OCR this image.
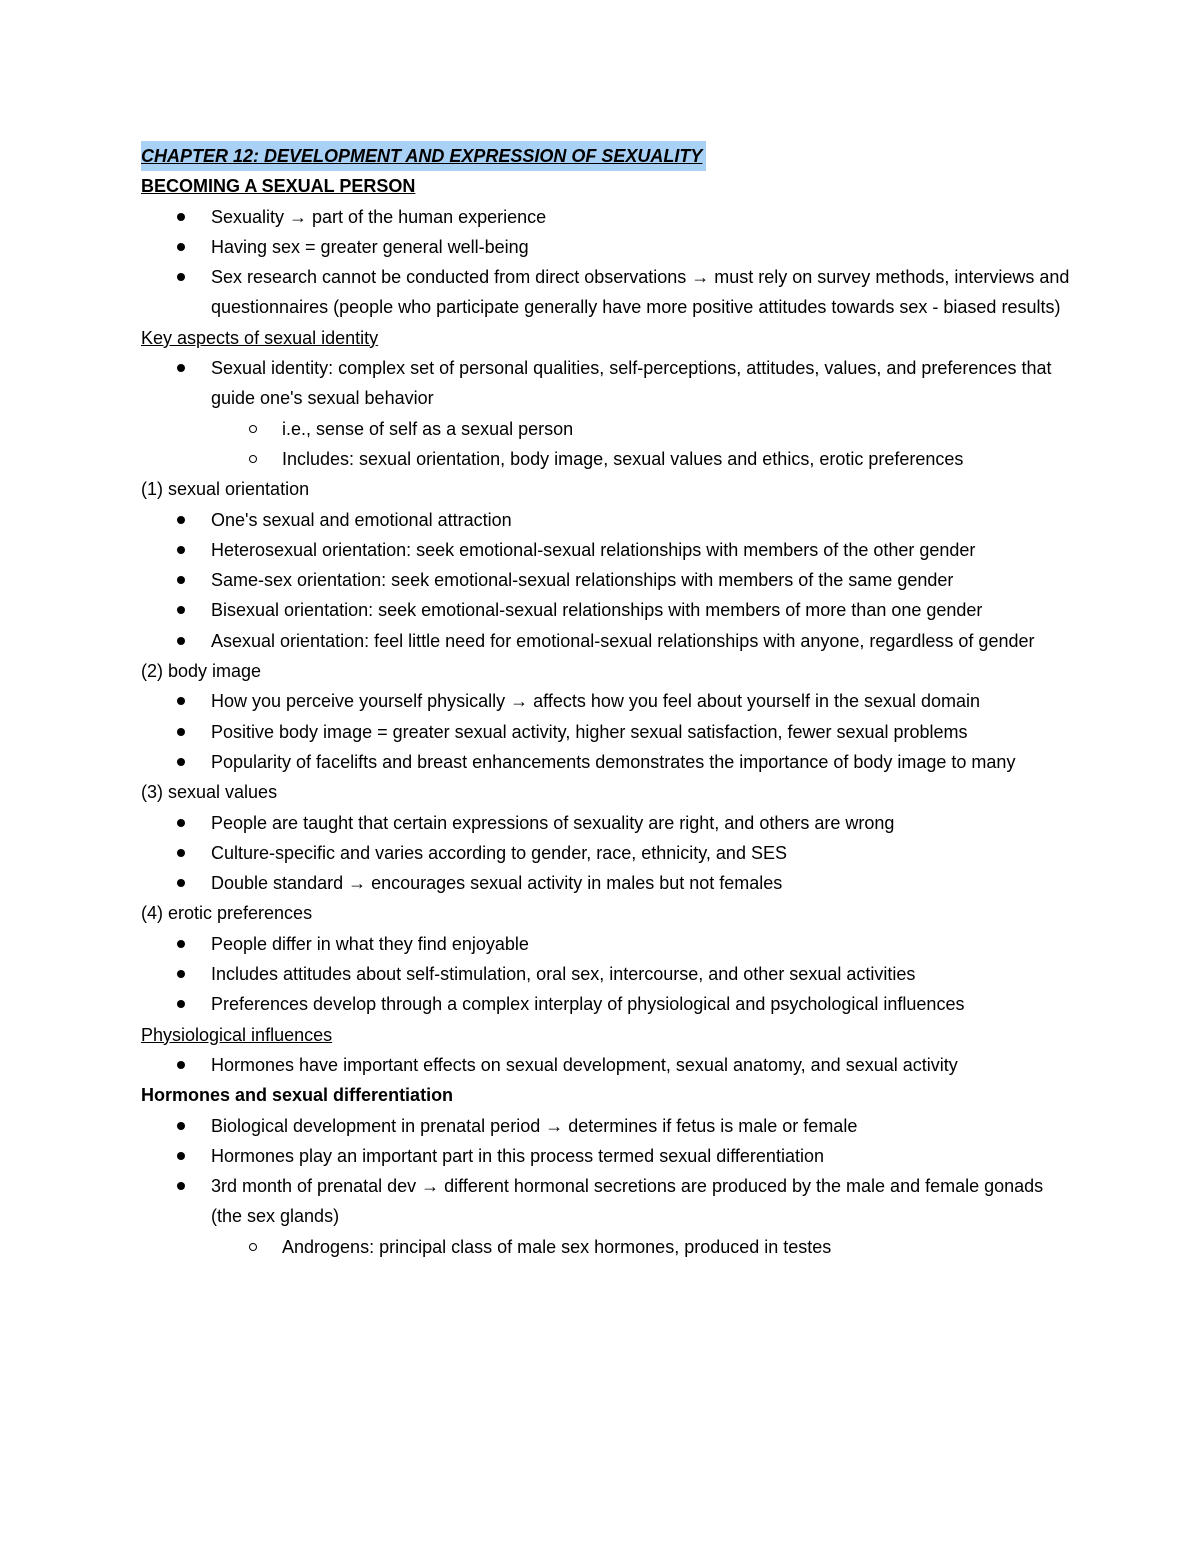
CHAPTER 12: DEVELOPMENT AND EXPRESSION OF SEXUALITY
BECOMING A SEXUAL PERSON
Sexuality → part of the human experience
Having sex = greater general well-being
Sex research cannot be conducted from direct observations → must rely on survey methods, interviews and questionnaires (people who participate generally have more positive attitudes towards sex - biased results)
Key aspects of sexual identity
Sexual identity: complex set of personal qualities, self-perceptions, attitudes, values, and preferences that guide one's sexual behavior
i.e., sense of self as a sexual person
Includes: sexual orientation, body image, sexual values and ethics, erotic preferences
(1) sexual orientation
One's sexual and emotional attraction
Heterosexual orientation: seek emotional-sexual relationships with members of the other gender
Same-sex orientation: seek emotional-sexual relationships with members of the same gender
Bisexual orientation: seek emotional-sexual relationships with members of more than one gender
Asexual orientation: feel little need for emotional-sexual relationships with anyone, regardless of gender
(2) body image
How you perceive yourself physically → affects how you feel about yourself in the sexual domain
Positive body image = greater sexual activity, higher sexual satisfaction, fewer sexual problems
Popularity of facelifts and breast enhancements demonstrates the importance of body image to many
(3) sexual values
People are taught that certain expressions of sexuality are right, and others are wrong
Culture-specific and varies according to gender, race, ethnicity, and SES
Double standard → encourages sexual activity in males but not females
(4) erotic preferences
People differ in what they find enjoyable
Includes attitudes about self-stimulation, oral sex, intercourse, and other sexual activities
Preferences develop through a complex interplay of physiological and psychological influences
Physiological influences
Hormones have important effects on sexual development, sexual anatomy, and sexual activity
Hormones and sexual differentiation
Biological development in prenatal period → determines if fetus is male or female
Hormones play an important part in this process termed sexual differentiation
3rd month of prenatal dev → different hormonal secretions are produced by the male and female gonads (the sex glands)
Androgens: principal class of male sex hormones, produced in testes
